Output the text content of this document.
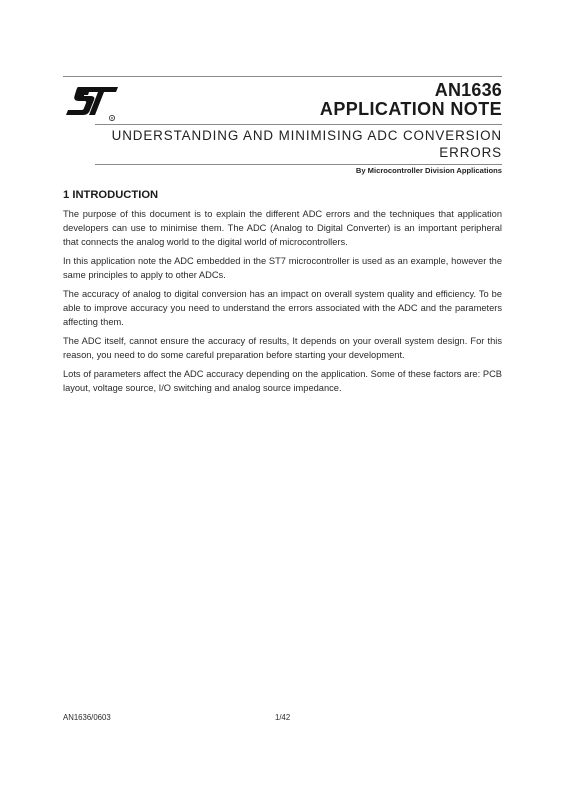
R
AN1636
APPLICATION NOTE
UNDERSTANDING AND MINIMISING ADC CONVERSION ERRORS
By Microcontroller Division Applications
1 INTRODUCTION

The purpose of this document is to explain the different ADC errors and the techniques that application developers can use to minimise them. The ADC (Analog to Digital Converter) is an important peripheral that connects the analog world to the digital world of microcontrollers.

In this application note the ADC embedded in the ST7 microcontroller is used as an example, however the same principles to apply to other ADCs.

The accuracy of analog to digital conversion has an impact on overall system quality and efficiency. To be able to improve accuracy you need to understand the errors associated with the ADC and the parameters affecting them.

The ADC itself, cannot ensure the accuracy of results, It depends on your overall system design. For this reason, you need to do some careful preparation before starting your development.

Lots of parameters affect the ADC accuracy depending on the application. Some of these factors are: PCB layout, voltage source, I/O switching and analog source impedance.

AN1636/0603	1/42
